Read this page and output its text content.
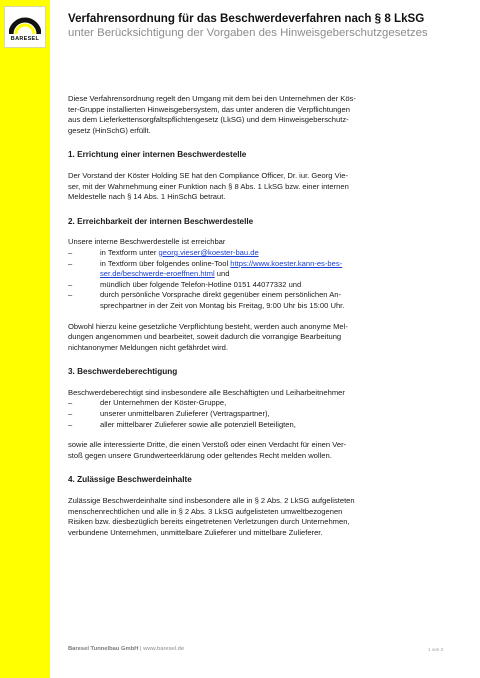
BARESEL
Verfahrensordnung für das Beschwerdeverfahren nach § 8 LkSG
unter Berücksichtigung der Vorgaben des Hinweisgeberschutzgesetzes

Diese Verfahrensordnung regelt den Umgang mit dem bei den Unternehmen der Kös-
ter-Gruppe installierten Hinweisgebersystem, das unter anderen die Verpflichtungen
aus dem Lieferkettensorgfaltspflichtengesetz (LkSG) und dem Hinweisgeberschutz-
gesetz (HinSchG) erfüllt.

1. Errichtung einer internen Beschwerdestelle

Der Vorstand der Köster Holding SE hat den Compliance Officer, Dr. iur. Georg Vie-
ser, mit der Wahrnehmung einer Funktion nach § 8 Abs. 1 LkSG bzw. einer internen
Meldestelle nach § 14 Abs. 1 HinSchG betraut.

2. Erreichbarkeit der internen Beschwerdestelle

Unsere interne Beschwerdestelle ist erreichbar

–	in Textform unter georg.vieser@koester-bau.de
–	in Textform über folgendes online-Tool https://www.koester.kann-es-bes-
ser.de/beschwerde-eroeffnen.html und
–	mündlich über folgende Telefon-Hotline 0151 44077332 und
–	durch persönliche Vorsprache direkt gegenüber einem persönlichen An-
sprechpartner in der Zeit von Montag bis Freitag, 9:00 Uhr bis 15:00 Uhr.

Obwohl hierzu keine gesetzliche Verpflichtung besteht, werden auch anonyme Mel-
dungen angenommen und bearbeitet, soweit dadurch die vorrangige Bearbeitung
nichtanonymer Meldungen nicht gefährdet wird.

3. Beschwerdeberechtigung

Beschwerdeberechtigt sind insbesondere alle Beschäftigten und Leiharbeitnehmer

–	der Unternehmen der Köster-Gruppe,
–	unserer unmittelbaren Zulieferer (Vertragspartner),
–	aller mittelbarer Zulieferer sowie alle potenziell Beteiligten,

sowie alle interessierte Dritte, die einen Verstoß oder einen Verdacht für einen Ver-
stoß gegen unsere Grundwerteerklärung oder geltendes Recht melden wollen.

4. Zulässige Beschwerdeinhalte

Zulässige Beschwerdeinhalte sind insbesondere alle in § 2 Abs. 2 LkSG aufgelisteten
menschenrechtlichen und alle in § 2 Abs. 3 LkSG aufgelisteten umweltbezogenen
Risiken bzw. diesbezüglich bereits eingetretenen Verletzungen durch Unternehmen,
verbundene Unternehmen, unmittelbare Zulieferer und mittelbare Zulieferer.

Baresel Tunnelbau GmbH | www.baresel.de	1 von 3
